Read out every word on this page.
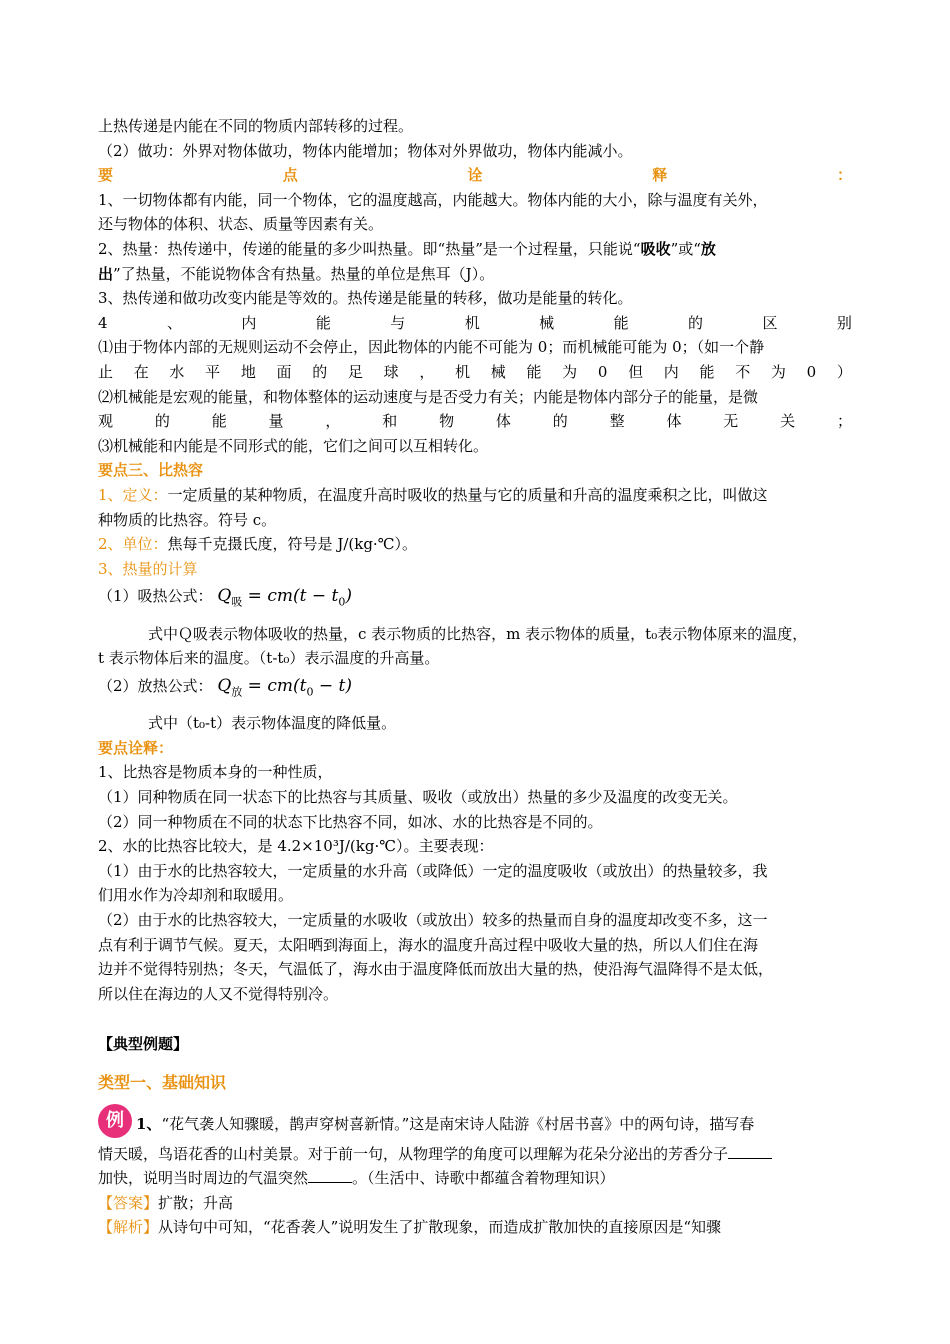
上热传递是内能在不同的物质内部转移的过程。

（2）做功：外界对物体做功，物体内能增加；物体对外界做功，物体内能减小。

要	点	诠	释	：

1、一切物体都有内能，同一个物体，它的温度越高，内能越大。物体内能的大小，除与温度有关外，

还与物体的体积、状态、质量等因素有关。

2、热量：热传递中，传递的能量的多少叫热量。即“热量”是一个过程量，只能说“吸收”或“放

出”了热量，不能说物体含有热量。热量的单位是焦耳（J）。

3、热传递和做功改变内能是等效的。热传递是能量的转移，做功是能量的转化。

4	、	内	能	与	机	械	能	的	区	别

⑴由于物体内部的无规则运动不会停止，因此物体的内能不可能为 0；而机械能可能为 0；（如一个静

止 在 水 平 地 面 的 足 球 ， 机 械 能 为 0 但 内 能 不 为 0 ）

⑵机械能是宏观的能量，和物体整体的运动速度与是否受力有关；内能是物体内部分子的能量，是微

观	的	能	量	，	和	物	体	的	整	体	无	关	；

⑶机械能和内能是不同形式的能，它们之间可以互相转化。

要点三、比热容

1、定义：一定质量的某种物质，在温度升高时吸收的热量与它的质量和升高的温度乘积之比，叫做这

种物质的比热容。符号 c。

2、单位：焦每千克摄氏度，符号是 J/(kg·℃）。

3、热量的计算

（1）吸热公式： $Q_吸 = cm(t - t_0)$

式中Ｑ吸表示物体吸收的热量，c 表示物质的比热容，m 表示物体的质量，t₀表示物体原来的温度，

t 表示物体后来的温度。（t-t₀）表示温度的升高量。

（2）放热公式： $Q_放 = cm(t_0 - t)$

式中（t₀-t）表示物体温度的降低量。

要点诠释：

1、比热容是物质本身的一种性质，

（1）同种物质在同一状态下的比热容与其质量、吸收（或放出）热量的多少及温度的改变无关。

（2）同一种物质在不同的状态下比热容不同，如冰、水的比热容是不同的。

2、水的比热容比较大，是 4.2×10³J/(kg·℃）。主要表现：

（1）由于水的比热容较大，一定质量的水升高（或降低）一定的温度吸收（或放出）的热量较多，我

们用水作为冷却剂和取暖用。

（2）由于水的比热容较大，一定质量的水吸收（或放出）较多的热量而自身的温度却改变不多，这一

点有利于调节气候。夏天，太阳晒到海面上，海水的温度升高过程中吸收大量的热，所以人们住在海

边并不觉得特别热；冬天，气温低了，海水由于温度降低而放出大量的热，使沿海气温降得不是太低，

所以住在海边的人又不觉得特别冷。

【典型例题】

类型一、基础知识

例 1、“花气袭人知骤暖，鹊声穿树喜新情。”这是南宋诗人陆游《村居书喜》中的两句诗，描写春

情天暖，鸟语花香的山村美景。对于前一句，从物理学的角度可以理解为花朵分泌出的芳香分子

加快，说明当时周边的气温突然	。（生活中、诗歌中都蕴含着物理知识）

【答案】扩散；升高

【解析】从诗句中可知，“花香袭人”说明发生了扩散现象，而造成扩散加快的直接原因是“知骤
